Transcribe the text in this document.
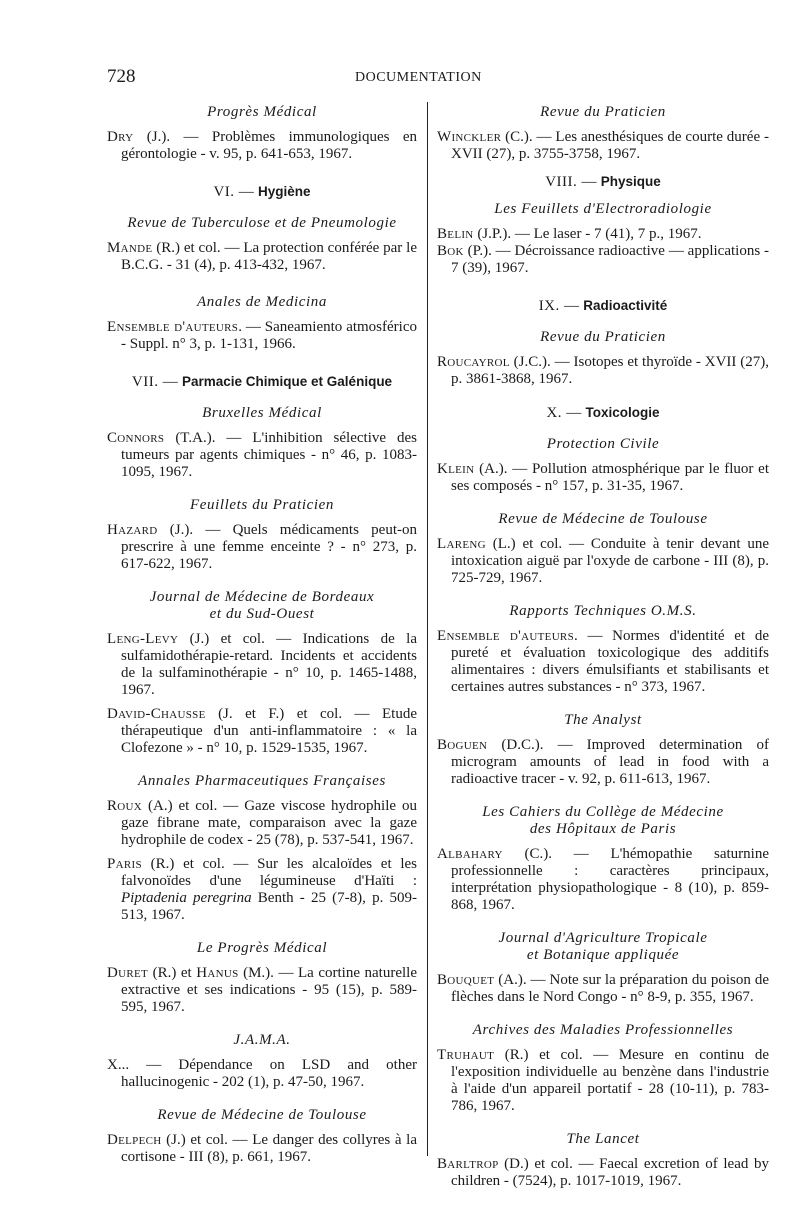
728	DOCUMENTATION
Progrès Médical
Dry (J.). — Problèmes immunologiques en gérontologie - v. 95, p. 641-653, 1967.
VI. — Hygiène
Revue de Tuberculose et de Pneumologie
Mande (R.) et col. — La protection conférée par le B.C.G. - 31 (4), p. 413-432, 1967.
Anales de Medicina
Ensemble d'auteurs. — Saneamiento atmosférico - Suppl. n° 3, p. 1-131, 1966.
VII. — Parmacie Chimique et Galénique
Bruxelles Médical
Connors (T.A.). — L'inhibition sélective des tumeurs par agents chimiques - n° 46, p. 1083-1095, 1967.
Feuillets du Praticien
Hazard (J.). — Quels médicaments peut-on prescrire à une femme enceinte ? - n° 273, p. 617-622, 1967.
Journal de Médecine de Bordeaux
et du Sud-Ouest
Leng-Levy (J.) et col. — Indications de la sulfamidothérapie-retard. Incidents et accidents de la sulfaminothérapie - n° 10, p. 1465-1488, 1967.
David-Chausse (J. et F.) et col. — Etude thérapeutique d'un anti-inflammatoire : « la Clofezone » - n° 10, p. 1529-1535, 1967.
Annales Pharmaceutiques Françaises
Roux (A.) et col. — Gaze viscose hydrophile ou gaze fibrane mate, comparaison avec la gaze hydrophile de codex - 25 (78), p. 537-541, 1967.
Paris (R.) et col. — Sur les alcaloïdes et les falvonoïdes d'une légumineuse d'Haïti : Piptadenia peregrina Benth - 25 (7-8), p. 509-513, 1967.
Le Progrès Médical
Duret (R.) et Hanus (M.). — La cortine naturelle extractive et ses indications - 95 (15), p. 589-595, 1967.
J.A.M.A.
X... — Dépendance on LSD and other hallucinogenic - 202 (1), p. 47-50, 1967.
Revue de Médecine de Toulouse
Delpech (J.) et col. — Le danger des collyres à la cortisone - III (8), p. 661, 1967.
Revue du Praticien
Winckler (C.). — Les anesthésiques de courte durée - XVII (27), p. 3755-3758, 1967.
VIII. — Physique
Les Feuillets d'Electroradiologie
Belin (J.P.). — Le laser - 7 (41), 7 p., 1967.
Bok (P.). — Décroissance radioactive — applications - 7 (39), 1967.
IX. — Radioactivité
Revue du Praticien
Roucayrol (J.C.). — Isotopes et thyroïde - XVII (27), p. 3861-3868, 1967.
X. — Toxicologie
Protection Civile
Klein (A.). — Pollution atmosphérique par le fluor et ses composés - n° 157, p. 31-35, 1967.
Revue de Médecine de Toulouse
Lareng (L.) et col. — Conduite à tenir devant une intoxication aiguë par l'oxyde de carbone - III (8), p. 725-729, 1967.
Rapports Techniques O.M.S.
Ensemble d'auteurs. — Normes d'identité et de pureté et évaluation toxicologique des additifs alimentaires : divers émulsifiants et stabilisants et certaines autres substances - n° 373, 1967.
The Analyst
Boguen (D.C.). — Improved determination of microgram amounts of lead in food with a radioactive tracer - v. 92, p. 611-613, 1967.
Les Cahiers du Collège de Médecine
des Hôpitaux de Paris
Albahary (C.). — L'hémopathie saturnine professionnelle : caractères principaux, interprétation physiopathologique - 8 (10), p. 859-868, 1967.
Journal d'Agriculture Tropicale
et Botanique appliquée
Bouquet (A.). — Note sur la préparation du poison de flèches dans le Nord Congo - n° 8-9, p. 355, 1967.
Archives des Maladies Professionnelles
Truhaut (R.) et col. — Mesure en continu de l'exposition individuelle au benzène dans l'industrie à l'aide d'un appareil portatif - 28 (10-11), p. 783-786, 1967.
The Lancet
Barltrop (D.) et col. — Faecal excretion of lead by children - (7524), p. 1017-1019, 1967.
